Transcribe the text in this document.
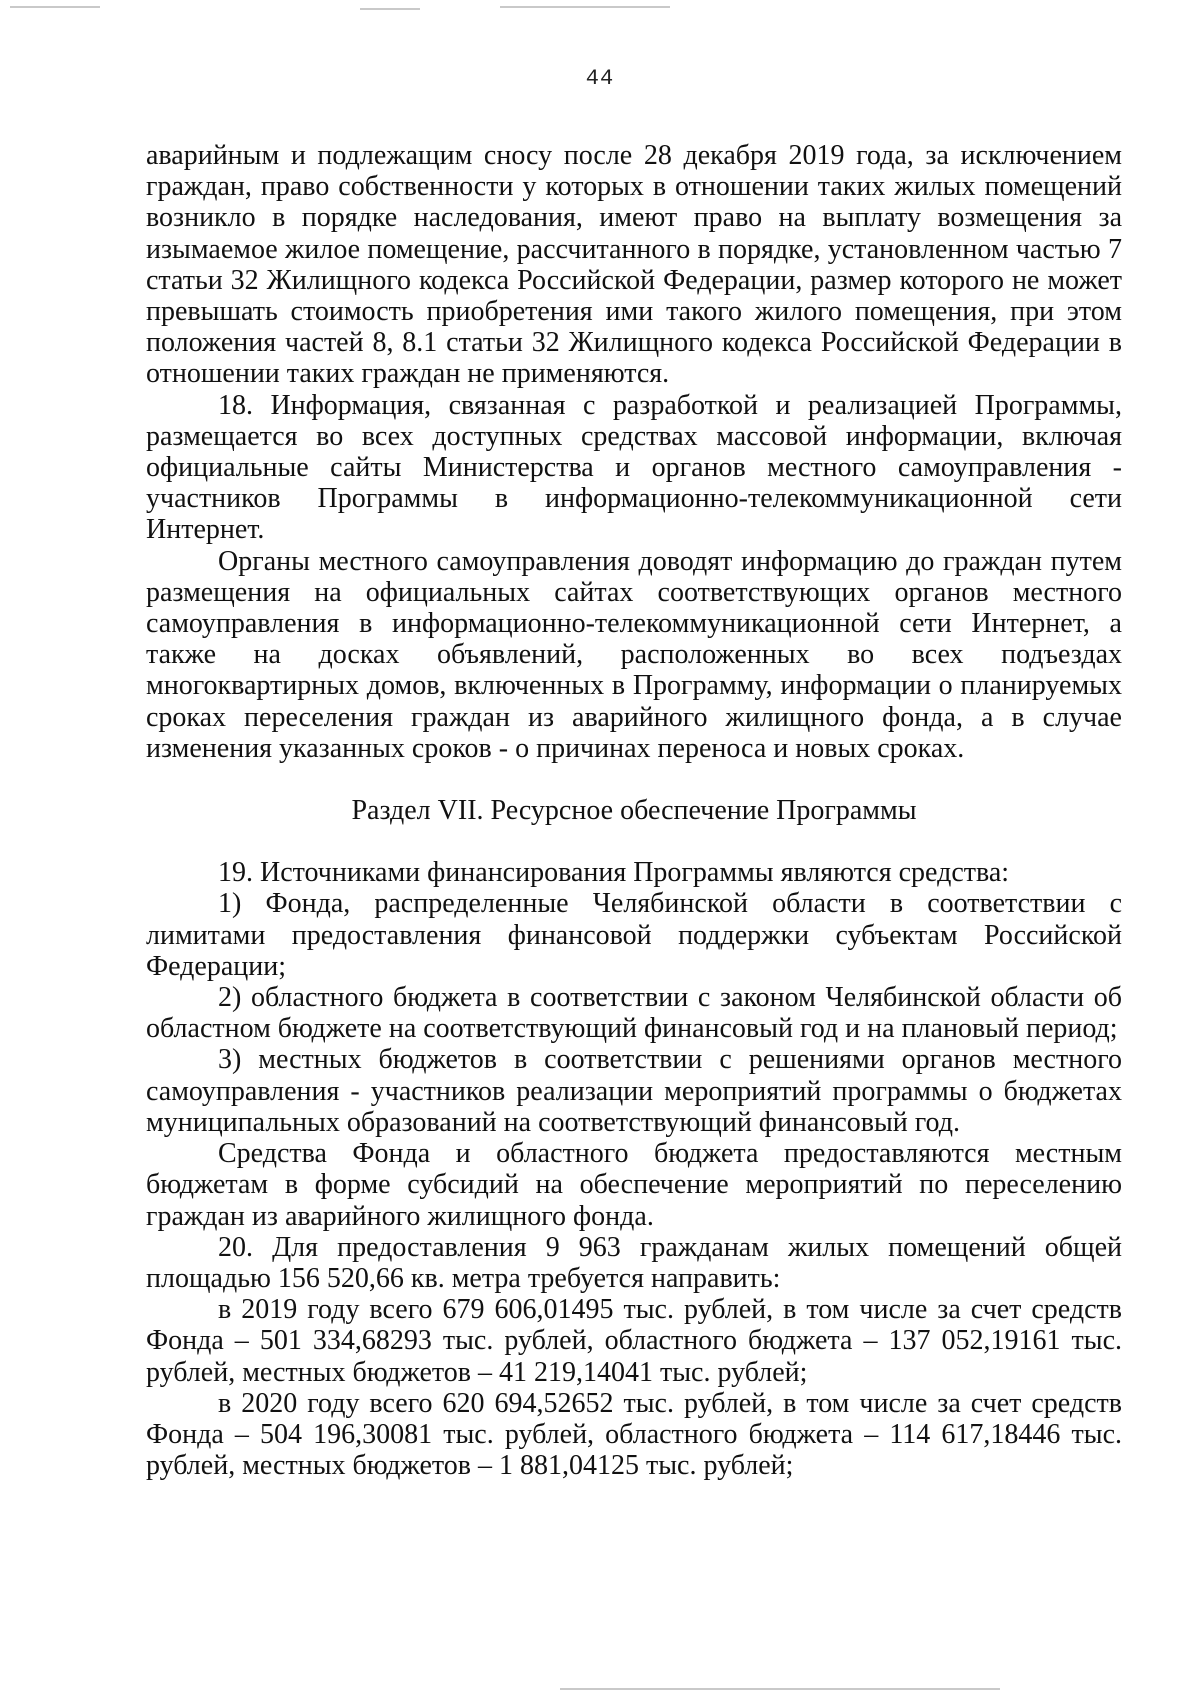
44

аварийным и подлежащим сносу после 28 декабря 2019 года, за исключением граждан, право собственности у которых в отношении таких жилых помещений возникло в порядке наследования, имеют право на выплату возмещения за изымаемое жилое помещение, рассчитанного в порядке, установленном частью 7 статьи 32 Жилищного кодекса Российской Федерации, размер которого не может превышать стоимость приобретения ими такого жилого помещения, при этом положения частей 8, 8.1 статьи 32 Жилищного кодекса Российской Федерации в отношении таких граждан не применяются.

18. Информация, связанная с разработкой и реализацией Программы, размещается во всех доступных средствах массовой информации, включая официальные сайты Министерства и органов местного самоуправления - участников Программы в информационно-телекоммуникационной сети Интернет.

Органы местного самоуправления доводят информацию до граждан путем размещения на официальных сайтах соответствующих органов местного самоуправления в информационно-телекоммуникационной сети Интернет, а также на досках объявлений, расположенных во всех подъездах многоквартирных домов, включенных в Программу, информации о планируемых сроках переселения граждан из аварийного жилищного фонда, а в случае изменения указанных сроков - о причинах переноса и новых сроках.

Раздел VII. Ресурсное обеспечение Программы

19. Источниками финансирования Программы являются средства:

1) Фонда, распределенные Челябинской области в соответствии с лимитами предоставления финансовой поддержки субъектам Российской Федерации;

2) областного бюджета в соответствии с законом Челябинской области об областном бюджете на соответствующий финансовый год и на плановый период;

3) местных бюджетов в соответствии с решениями органов местного самоуправления - участников реализации мероприятий программы о бюджетах муниципальных образований на соответствующий финансовый год.

Средства Фонда и областного бюджета предоставляются местным бюджетам в форме субсидий на обеспечение мероприятий по переселению граждан из аварийного жилищного фонда.

20. Для предоставления 9 963 гражданам жилых помещений общей площадью 156 520,66 кв. метра требуется направить:

в 2019 году всего 679 606,01495 тыс. рублей, в том числе за счет средств Фонда – 501 334,68293 тыс. рублей, областного бюджета – 137 052,19161 тыс. рублей, местных бюджетов – 41 219,14041 тыс. рублей;

в 2020 году всего 620 694,52652 тыс. рублей, в том числе за счет средств Фонда – 504 196,30081 тыс. рублей, областного бюджета – 114 617,18446 тыс. рублей, местных бюджетов – 1 881,04125 тыс. рублей;
